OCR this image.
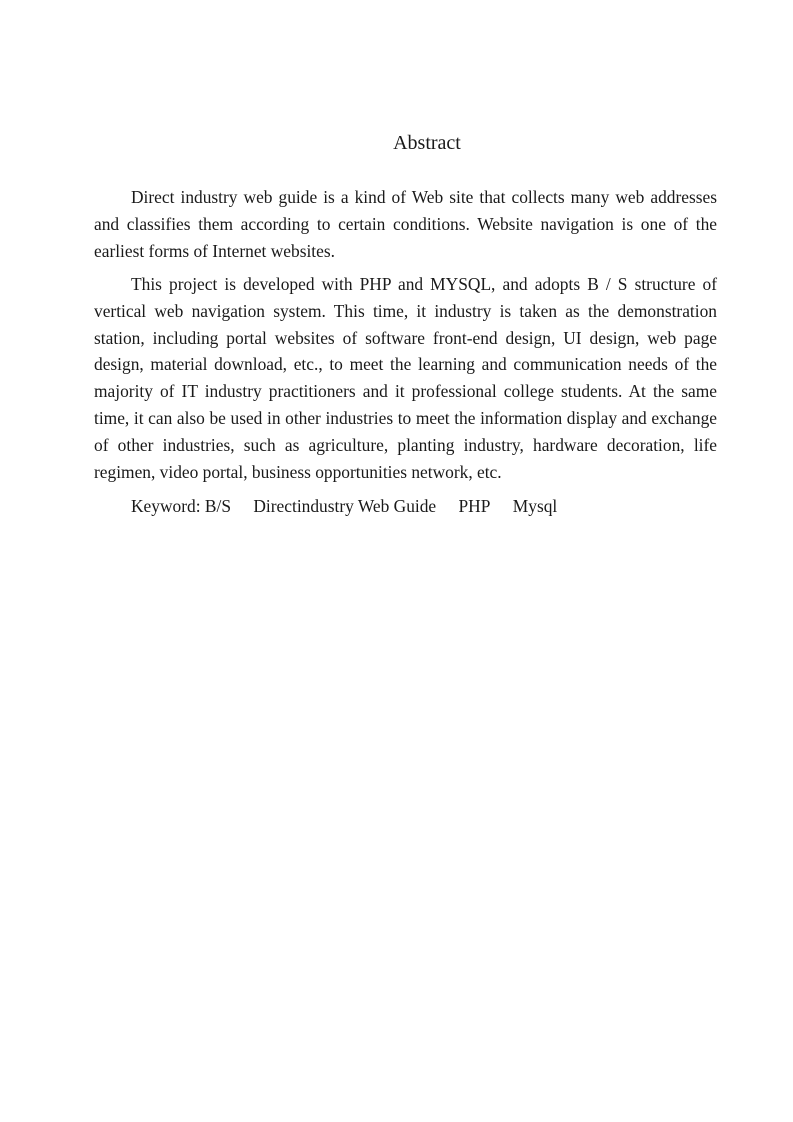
Abstract

Direct industry web guide is a kind of Web site that collects many web addresses and classifies them according to certain conditions. Website navigation is one of the earliest forms of Internet websites.

This project is developed with PHP and MYSQL, and adopts B / S structure of vertical web navigation system. This time, it industry is taken as the demonstration station, including portal websites of software front-end design, UI design, web page design, material download, etc., to meet the learning and communication needs of the majority of IT industry practitioners and it professional college students. At the same time, it can also be used in other industries to meet the information display and exchange of other industries, such as agriculture, planting industry, hardware decoration, life regimen, video portal, business opportunities network, etc.

Keyword: B/S Directindustry Web Guide PHP Mysql
